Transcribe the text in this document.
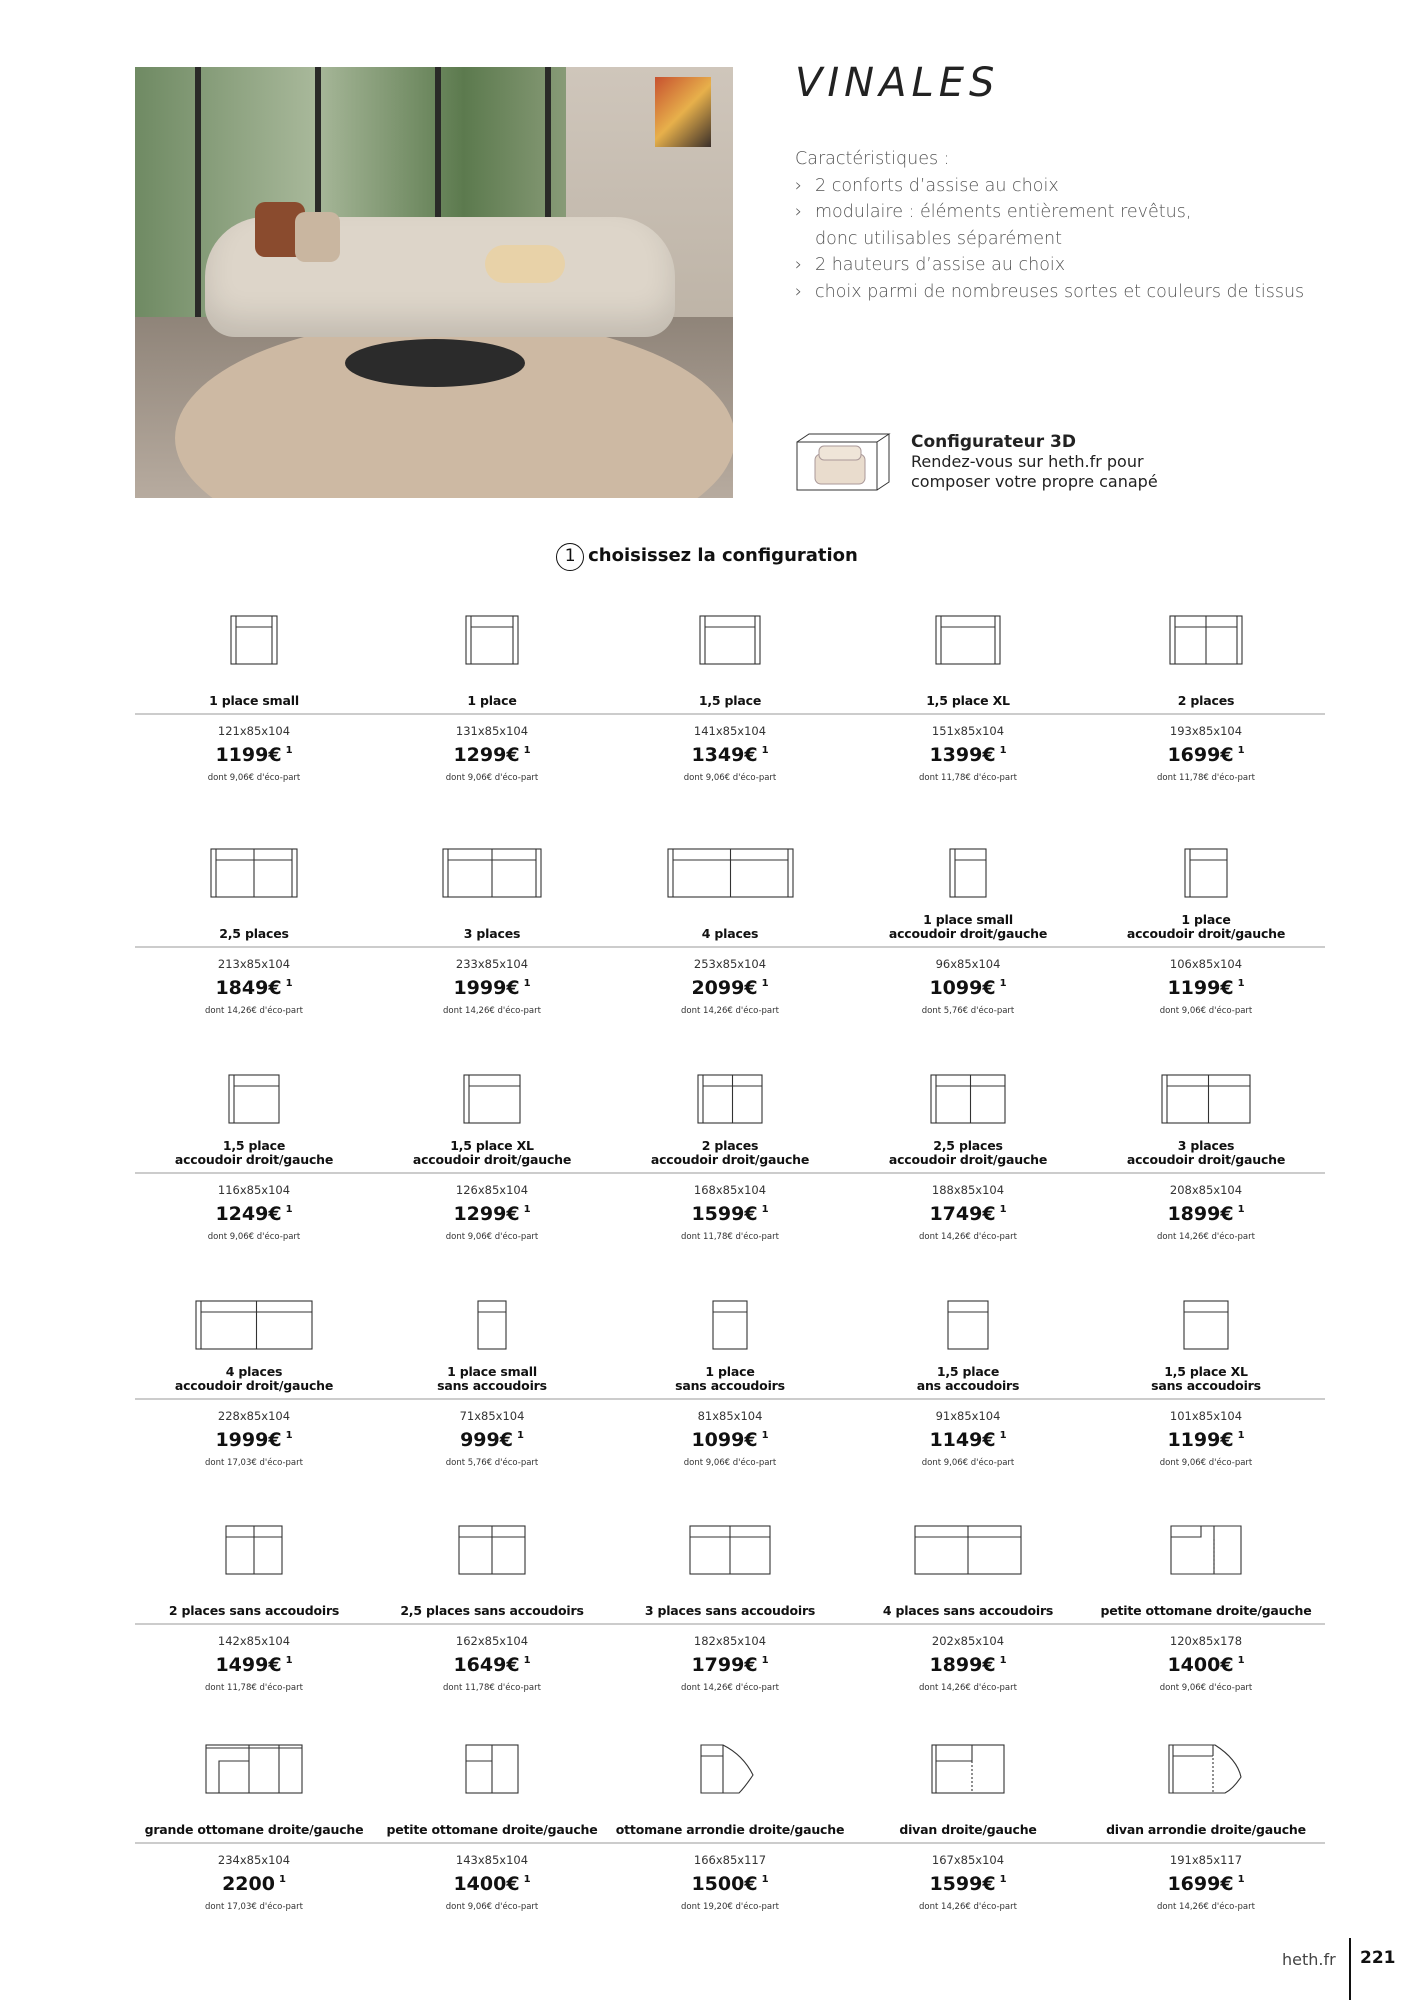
VINALES
Caractéristiques :
› 2 conforts d’assise au choix
› modulaire : éléments entièrement revêtus,
donc utilisables séparément
› 2 hauteurs d’assise au choix
› choix parmi de nombreuses sortes et couleurs de tissus
Configurateur 3D
Rendez-vous sur heth.fr pour composer votre propre canapé
1 choisissez la configuration
1 place small
121x85x104
1199€ $^1$
dont 9,06€ d'éco-part
1 place
131x85x104
1299€ $^1$
dont 9,06€ d'éco-part
1,5 place
141x85x104
1349€ $^1$
dont 9,06€ d'éco-part
1,5 place XL
151x85x104
1399€ $^1$
dont 11,78€ d'éco-part
2 places
193x85x104
1699€ $^1$
dont 11,78€ d'éco-part
2,5 places
213x85x104
1849€ $^1$
dont 14,26€ d'éco-part
3 places
233x85x104
1999€ $^1$
dont 14,26€ d'éco-part
4 places
253x85x104
2099€ $^1$
dont 14,26€ d'éco-part
1 place small
accoudoir droit/gauche
96x85x104
1099€ $^1$
dont 5,76€ d'éco-part
1 place
accoudoir droit/gauche
106x85x104
1199€ $^1$
dont 9,06€ d'éco-part
1,5 place
accoudoir droit/gauche
116x85x104
1249€ $^1$
dont 9,06€ d'éco-part
1,5 place XL
accoudoir droit/gauche
126x85x104
1299€ $^1$
dont 9,06€ d'éco-part
2 places
accoudoir droit/gauche
168x85x104
1599€ $^1$
dont 11,78€ d'éco-part
2,5 places
accoudoir droit/gauche
188x85x104
1749€ $^1$
dont 14,26€ d'éco-part
3 places
accoudoir droit/gauche
208x85x104
1899€ $^1$
dont 14,26€ d'éco-part
4 places
accoudoir droit/gauche
228x85x104
1999€ $^1$
dont 17,03€ d'éco-part
1 place small
sans accoudoirs
71x85x104
999€ $^1$
dont 5,76€ d'éco-part
1 place
sans accoudoirs
81x85x104
1099€ $^1$
dont 9,06€ d'éco-part
1,5 place
ans accoudoirs
91x85x104
1149€ $^1$
dont 9,06€ d'éco-part
1,5 place XL
sans accoudoirs
101x85x104
1199€ $^1$
dont 9,06€ d'éco-part
2 places sans accoudoirs
142x85x104
1499€ $^1$
dont 11,78€ d'éco-part
2,5 places sans accoudoirs
162x85x104
1649€ $^1$
dont 11,78€ d'éco-part
3 places sans accoudoirs
182x85x104
1799€ $^1$
dont 14,26€ d'éco-part
4 places sans accoudoirs
202x85x104
1899€ $^1$
dont 14,26€ d'éco-part
petite ottomane droite/gauche
120x85x178
1400€ $^1$
dont 9,06€ d'éco-part
grande ottomane droite/gauche
234x85x104
2200 $^1$
dont 17,03€ d'éco-part
petite ottomane droite/gauche
143x85x104
1400€ $^1$
dont 9,06€ d'éco-part
ottomane arrondie droite/gauche
166x85x117
1500€ $^1$
dont 19,20€ d'éco-part
divan droite/gauche
167x85x104
1599€ $^1$
dont 14,26€ d'éco-part
divan arrondie droite/gauche
191x85x117
1699€ $^1$
dont 14,26€ d'éco-part
heth.fr 221
